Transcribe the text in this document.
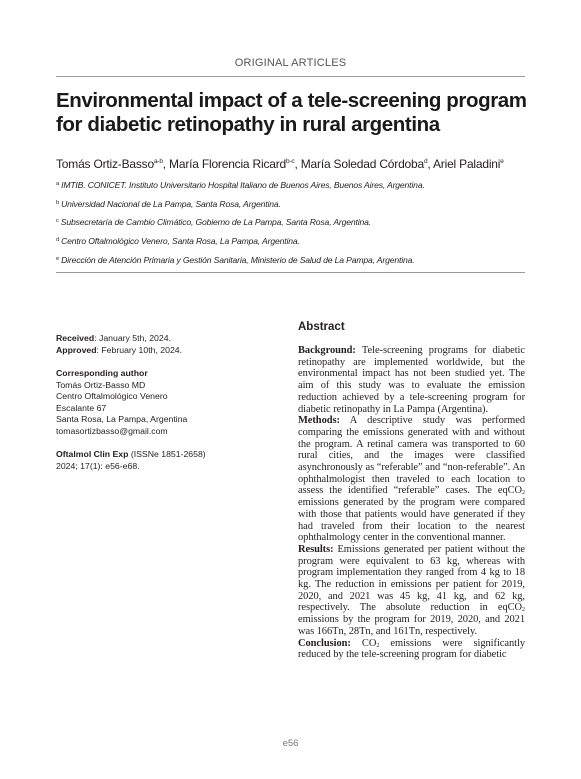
ORIGINAL ARTICLES
Environmental impact of a tele-screening program for diabetic retinopathy in rural argentina
Tomás Ortiz-Basso$^{a-b}$, María Florencia Ricard$^{b-c}$, María Soledad Córdoba$^d$, Ariel Paladini$^e$
$^a$ IMTIB. CONICET. Instituto Universitario Hospital Italiano de Buenos Aires, Buenos Aires, Argentina.
$^b$ Universidad Nacional de La Pampa, Santa Rosa, Argentina.
$^c$ Subsecretaría de Cambio Climático, Gobierno de La Pampa, Santa Rosa, Argentina.
$^d$ Centro Oftalmológico Venero, Santa Rosa, La Pampa, Argentina.
$^e$ Dirección de Atención Primaria y Gestión Sanitaria, Ministerio de Salud de La Pampa, Argentina.
Received: January 5th, 2024.
Approved: February 10th, 2024.
Corresponding author
Tomás Ortiz-Basso MD
Centro Oftalmológico Venero
Escalante 67
Santa Rosa, La Pampa, Argentina
tomasortizbasso@gmail.com
Oftalmol Clin Exp (ISSNe 1851-2658)
2024; 17(1): e56-e68.
Abstract

Background: Tele-screening programs for diabetic retinopathy are implemented worldwide, but the environmental impact has not been studied yet. The aim of this study was to evaluate the emission reduction achieved by a tele-screening program for diabetic retinopathy in La Pampa (Argentina).

Methods: A descriptive study was performed comparing the emissions generated with and without the program. A retinal camera was transported to 60 rural cities, and the images were classified asynchronously as “referable” and “non-referable”. An ophthalmologist then traveled to each location to assess the identified “referable” cases. The eqCO$_2$ emissions generated by the program were compared with those that patients would have generated if they had traveled from their location to the nearest ophthalmology center in the conventional manner.

Results: Emissions generated per patient without the program were equivalent to 63 kg, whereas with program implementation they ranged from 4 kg to 18 kg. The reduction in emissions per patient for 2019, 2020, and 2021 was 45 kg, 41 kg, and 62 kg, respectively. The absolute reduction in eqCO$_2$ emissions by the program for 2019, 2020, and 2021 was 166Tn, 28Tn, and 161Tn, respectively.

Conclusion: $CO_2$ emissions were significantly reduced by the tele-screening program for diabetic

e56
